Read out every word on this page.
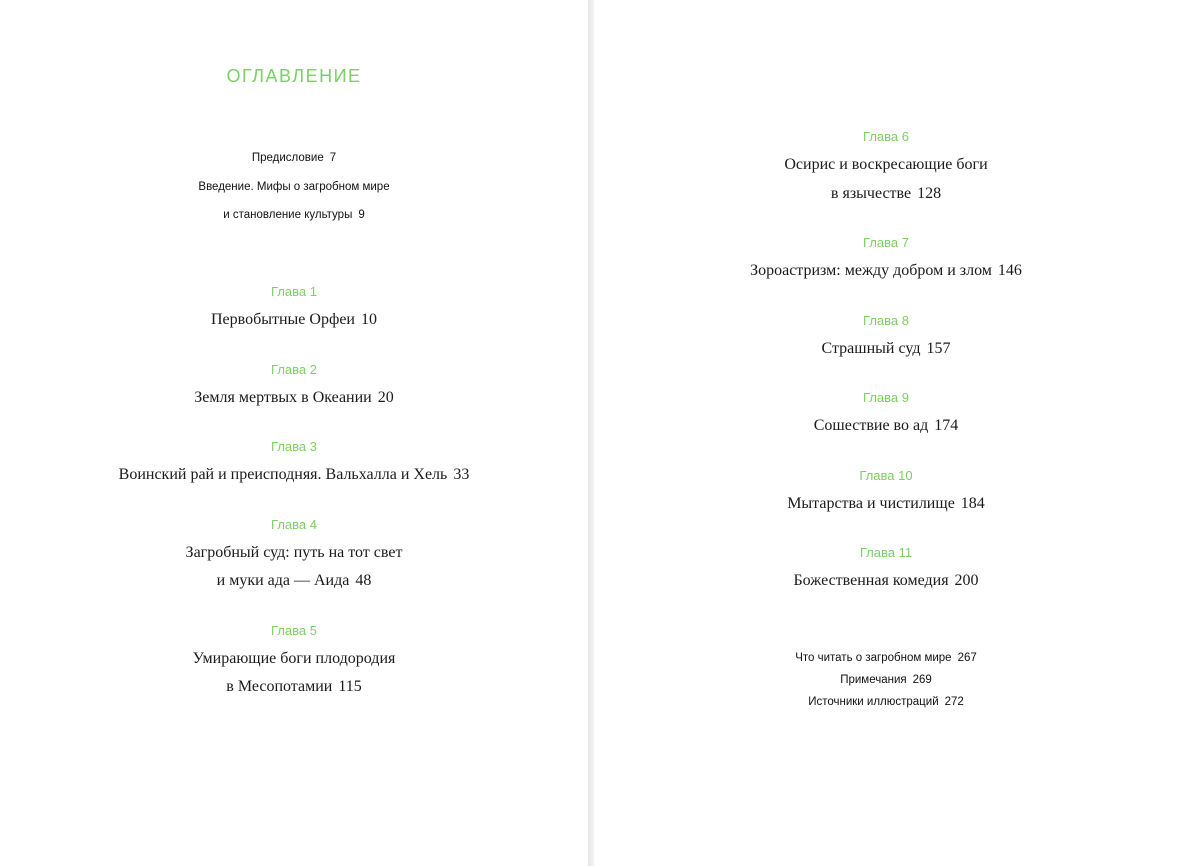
ОГЛАВЛЕНИЕ
Предисловие 7
Введение. Мифы о загробном мире
и становление культуры 9
Глава 1
Первобытные Орфеи 10
Глава 2
Земля мертвых в Океании 20
Глава 3
Воинский рай и преисподняя. Вальхалла и Хель 33
Глава 4
Загробный суд: путь на тот свет
и муки ада — Аида 48
Глава 5
Умирающие боги плодородия
в Месопотамии 115
Глава 6
Осирис и воскресающие боги
в язычестве 128
Глава 7
Зороастризм: между добром и злом 146
Глава 8
Страшный суд 157
Глава 9
Сошествие во ад 174
Глава 10
Мытарства и чистилище 184
Глава 11
Божественная комедия 200
Что читать о загробном мире 267
Примечания 269
Источники иллюстраций 272
